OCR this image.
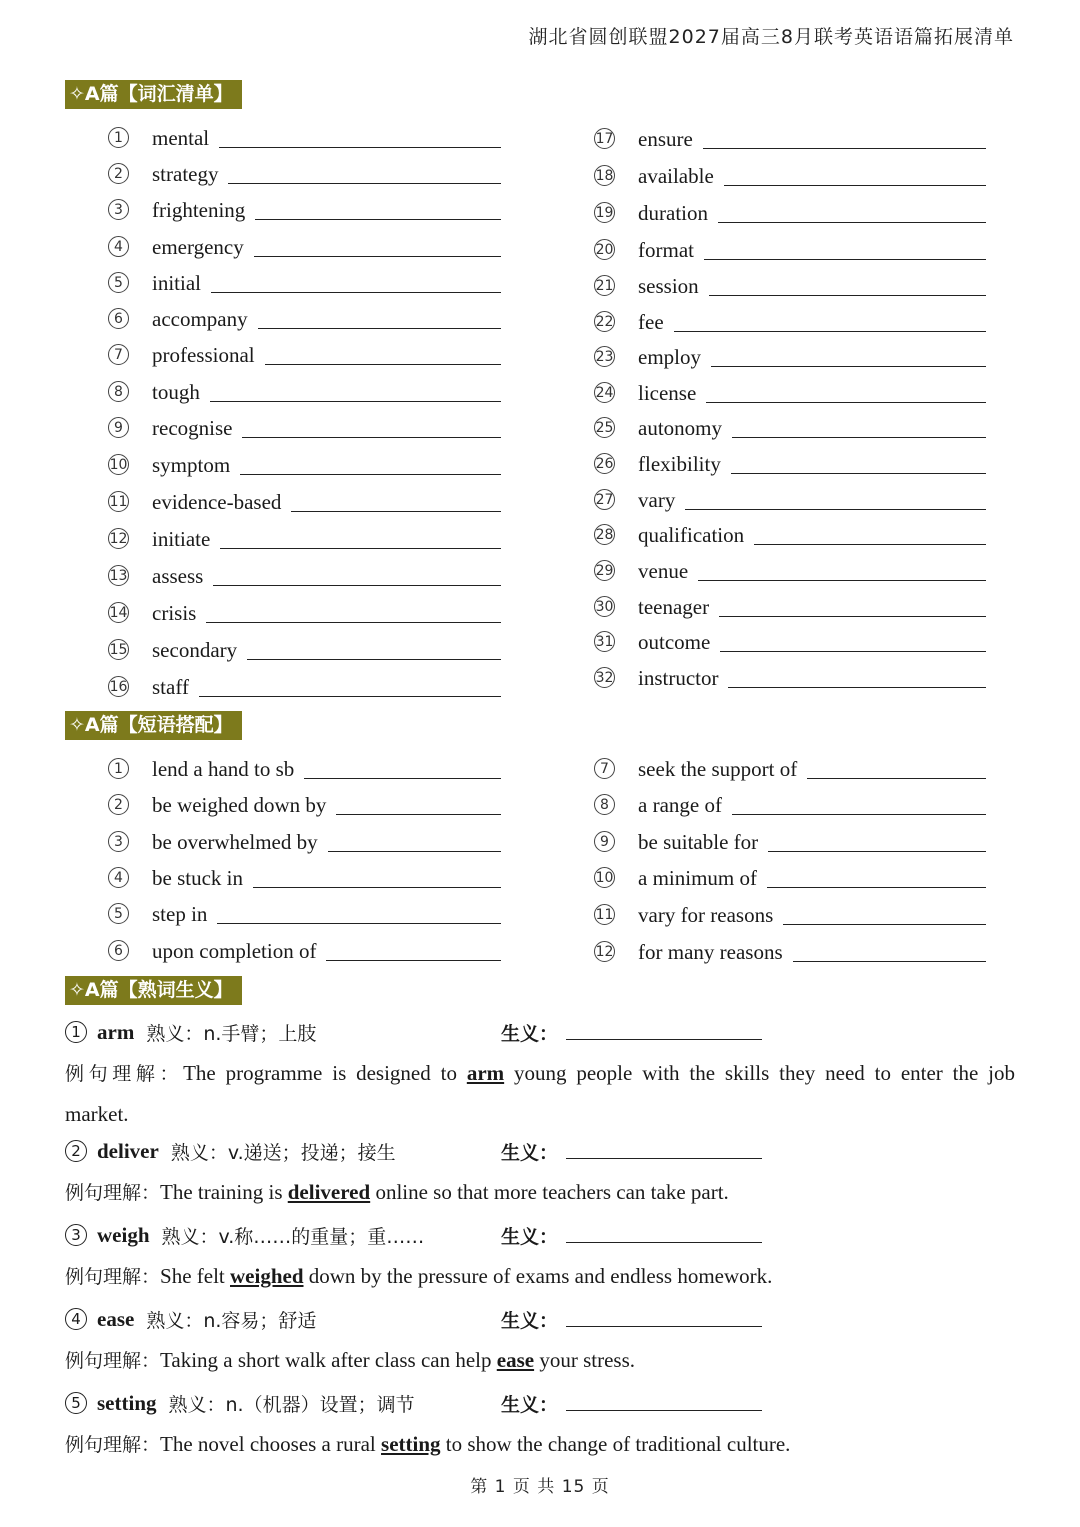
湖北省圆创联盟2027届高三8月联考英语语篇拓展清单
✧A篇【词汇清单】
1 mental
2 strategy
3 frightening
4 emergency
5 initial
6 accompany
7 professional
8 tough
9 recognise
10 symptom
11 evidence-based
12 initiate
13 assess
14 crisis
15 secondary
16 staff
17 ensure
18 available
19 duration
20 format
21 session
22 fee
23 employ
24 license
25 autonomy
26 flexibility
27 vary
28 qualification
29 venue
30 teenager
31 outcome
32 instructor
✧A篇【短语搭配】
1 lend a hand to sb
2 be weighed down by
3 be overwhelmed by
4 be stuck in
5 step in
6 upon completion of
7 seek the support of
8 a range of
9 be suitable for
10 a minimum of
11 vary for reasons
12 for many reasons
✧A篇【熟词生义】
1 arm 熟义：n.手臂；上肢	生义：
例句理解：The programme is designed to arm young people with the skills they need to enter the job
market.
2 deliver 熟义：v.递送；投递；接生	生义：
例句理解：The training is delivered online so that more teachers can take part.
3 weigh 熟义：v.称……的重量；重……	生义：
例句理解：She felt weighed down by the pressure of exams and endless homework.
4 ease 熟义：n.容易；舒适	生义：
例句理解：Taking a short walk after class can help ease your stress.
5 setting 熟义：n.（机器）设置；调节	生义：
例句理解：The novel chooses a rural setting to show the change of traditional culture.
第 1 页 共 15 页
